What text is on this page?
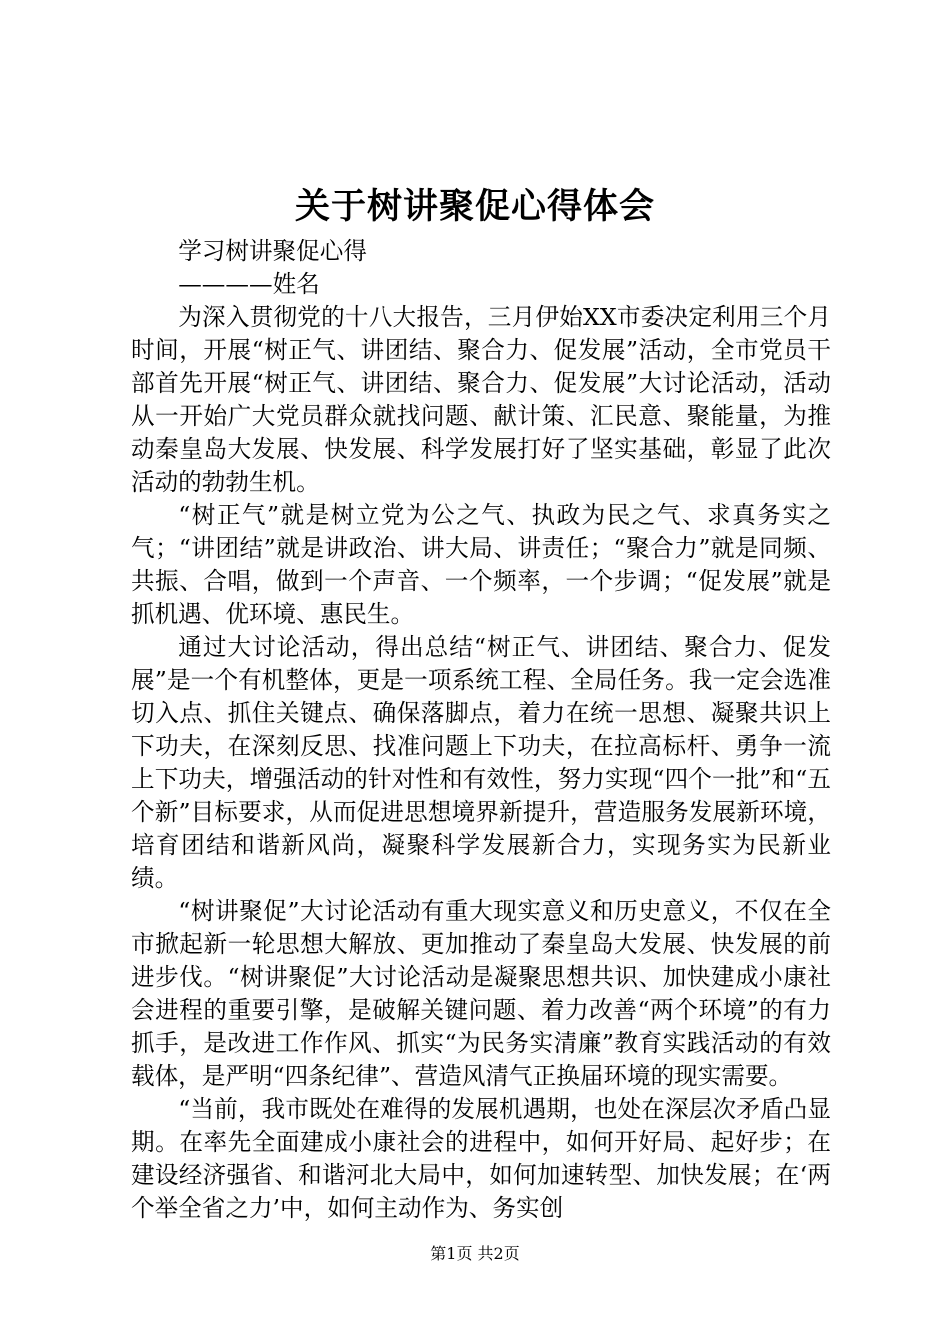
关于树讲聚促心得体会

学习树讲聚促心得

————姓名

为深入贯彻党的十八大报告，三月伊始XX市委决定利用三个月时间，开展“树正气、讲团结、聚合力、促发展”活动，全市党员干部首先开展“树正气、讲团结、聚合力、促发展”大讨论活动，活动从一开始广大党员群众就找问题、献计策、汇民意、聚能量，为推动秦皇岛大发展、快发展、科学发展打好了坚实基础，彰显了此次活动的勃勃生机。

“树正气”就是树立党为公之气、执政为民之气、求真务实之气；“讲团结”就是讲政治、讲大局、讲责任；“聚合力”就是同频、共振、合唱，做到一个声音、一个频率，一个步调；“促发展”就是抓机遇、优环境、惠民生。

通过大讨论活动，得出总结“树正气、讲团结、聚合力、促发展”是一个有机整体，更是一项系统工程、全局任务。我一定会选准切入点、抓住关键点、确保落脚点，着力在统一思想、凝聚共识上下功夫，在深刻反思、找准问题上下功夫，在拉高标杆、勇争一流上下功夫，增强活动的针对性和有效性，努力实现“四个一批”和“五个新”目标要求，从而促进思想境界新提升，营造服务发展新环境，培育团结和谐新风尚，凝聚科学发展新合力，实现务实为民新业绩。

“树讲聚促”大讨论活动有重大现实意义和历史意义，不仅在全市掀起新一轮思想大解放、更加推动了秦皇岛大发展、快发展的前进步伐。“树讲聚促”大讨论活动是凝聚思想共识、加快建成小康社会进程的重要引擎，是破解关键问题、着力改善“两个环境”的有力抓手，是改进工作作风、抓实“为民务实清廉”教育实践活动的有效载体，是严明“四条纪律”、营造风清气正换届环境的现实需要。

“当前，我市既处在难得的发展机遇期，也处在深层次矛盾凸显期。在率先全面建成小康社会的进程中，如何开好局、起好步；在建设经济强省、和谐河北大局中，如何加速转型、加快发展；在‘两个举全省之力’中，如何主动作为、务实创

第1页 共2页
